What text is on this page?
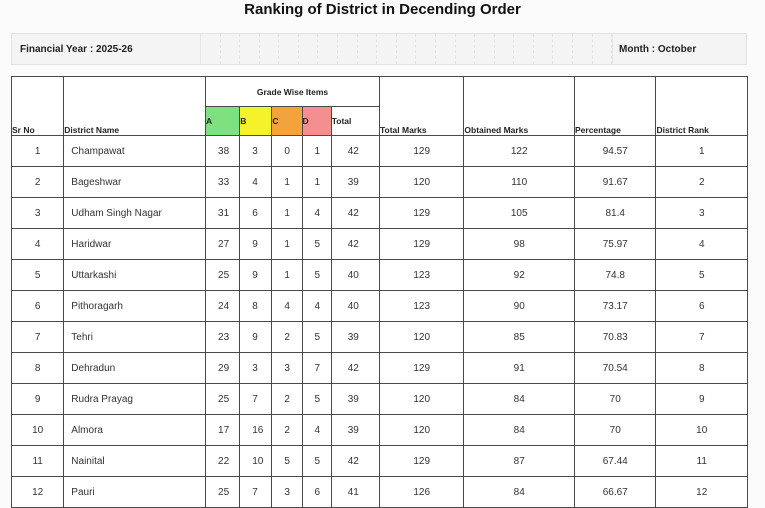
Ranking of District in Decending Order
Financial Year : 2025-26	Month : October
Sr No	District Name	Grade Wise Items					Total Marks	Obtained Marks	Percentage	District Rank
		A	B	C	D	Total				
1	Champawat	38	3	0	1	42	129	122	94.57	1
2	Bageshwar	33	4	1	1	39	120	110	91.67	2
3	Udham Singh Nagar	31	6	1	4	42	129	105	81.4	3
4	Haridwar	27	9	1	5	42	129	98	75.97	4
5	Uttarkashi	25	9	1	5	40	123	92	74.8	5
6	Pithoragarh	24	8	4	4	40	123	90	73.17	6
7	Tehri	23	9	2	5	39	120	85	70.83	7
8	Dehradun	29	3	3	7	42	129	91	70.54	8
9	Rudra Prayag	25	7	2	5	39	120	84	70	9
10	Almora	17	16	2	4	39	120	84	70	10
11	Nainital	22	10	5	5	42	129	87	67.44	11
12	Pauri	25	7	3	6	41	126	84	66.67	12
